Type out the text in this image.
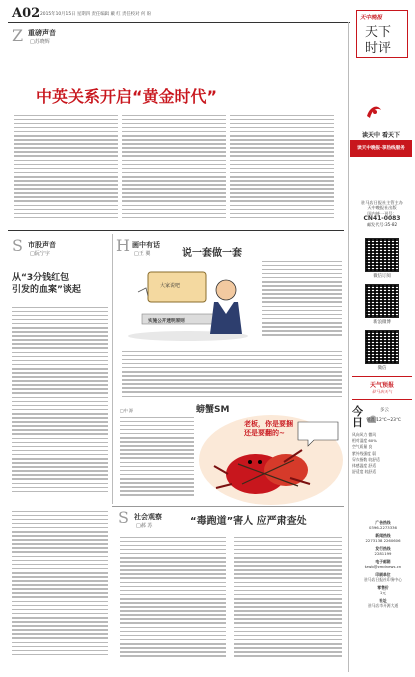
A02 2015年10月15日 星期四 责任编辑 戴 红 责任校对 何 盼
天中晚报
天下
时评
Z 重磅声音
□苏晓辉
中英关系开启“黄金时代”
读天中 看天下
读天中晚报·享热线服务
驻马店日报社主管主办
天中晚报社出版
国内统一刊号：
CN41-0083
邮发代号:35-82
微信订阅
新浪微博
微信
天气预报
驻马店天气
今
日
多云
气温 12℃~23℃
风向风力 微风
相对湿度 60%
空气质量 良
紫外线强度 弱
穿衣指数 较舒适
体感温度 舒适
舒适度 较舒适
广告热线
0396-2273336
新闻热线
2273138 2260606
发行热线
2281199
电子邮箱
tzwb@zmdnews.cn
印刷单位
驻马店日报社印务中心
零售价
1元
社址
驻马店市开源大道
S 市股声音
□阮宁宇
从“3分钱红包
引发的血案”谈起
H 画中有话
□王 翼	说一套做一套
大家说吧
实施公开透明原则
螃蟹SM
□中 源
老板，你是要捆
还是要翻的~
S 社会观察
□郝 苏	“毒跑道”害人 应严肃查处
